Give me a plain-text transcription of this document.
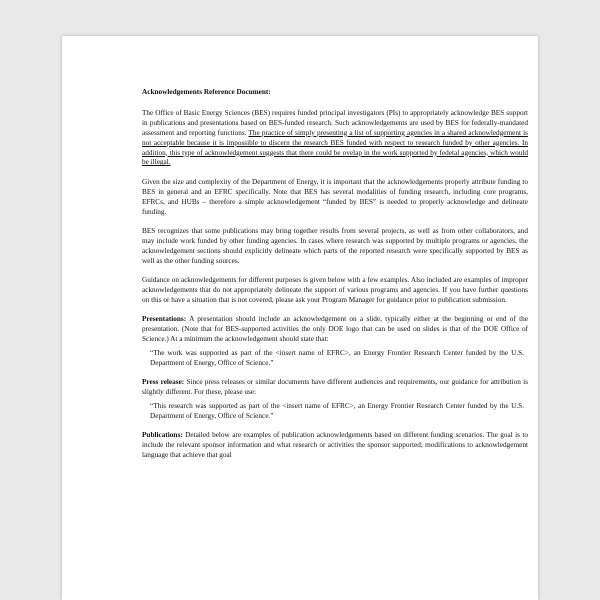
Acknowledgements Reference Document:

The Office of Basic Energy Sciences (BES) requires funded principal investigators (PIs) to appropriately acknowledge BES support in publications and presentations based on BES-funded research. Such acknowledgements are used by BES for federally-mandated assessment and reporting functions. The practice of simply presenting a list of supporting agencies in a shared acknowledgement is not acceptable because it is impossible to discern the research BES funded with respect to research funded by other agencies. In addition, this type of acknowledgement suggests that there could be ovelap in the work supported by fedetal agencies, which would be illegal.

Given the size and complexity of the Department of Energy, it is important that the acknowledgements properly attribute funding to BES in general and an EFRC specifically. Note that BES has several modalities of funding research, including core programs, EFRCs, and HUBs – therefore a simple acknowledgement “funded by BES” is needed to properly acknowledge and delineate funding.

BES recognizes that some publications may bring together results from several projects, as well as from other collaborators, and may include work funded by other funding agencies. In cases where research was supported by multiple programs or agencies, the acknowledgement sections should explicitly delineate which parts of the reported research were specifically supported by BES as well as the other funding sources.

Guidance on acknowledgements for different purposes is given below with a few examples. Also included are examples of improper acknowledgements that do not appropriately delineate the support of various programs and agencies. If you have further questions on this or have a situation that is not covered, please ask your Program Manager for guidance prior to publication submission.

Presentations: A presentation should include an acknowledgement on a slide, typically either at the beginning or end of the presentation. (Note that for BES-supported activities the only DOE logo that can be used on slides is that of the DOE Office of Science.) At a minimum the acknowledgement should state that:

“The work was supported as part of the <insert name of EFRC>, an Energy Frontier Research Center funded by the U.S. Department of Energy, Office of Science.”

Press release: Since press releases or similar documents have different audiences and requirements, our guidance for attribution is slightly different. For these, please use:

“This research was supported as part of the <insert name of EFRC>, an Energy Frontier Research Center funded by the U.S. Department of Energy, Office of Science.”

Publications: Detailed below are examples of publication acknowledgements based on different funding scenarios. The goal is to include the relevant sponsor information and what research or activities the sponsor supported; modifications to acknowledgement language that achieve that goal
